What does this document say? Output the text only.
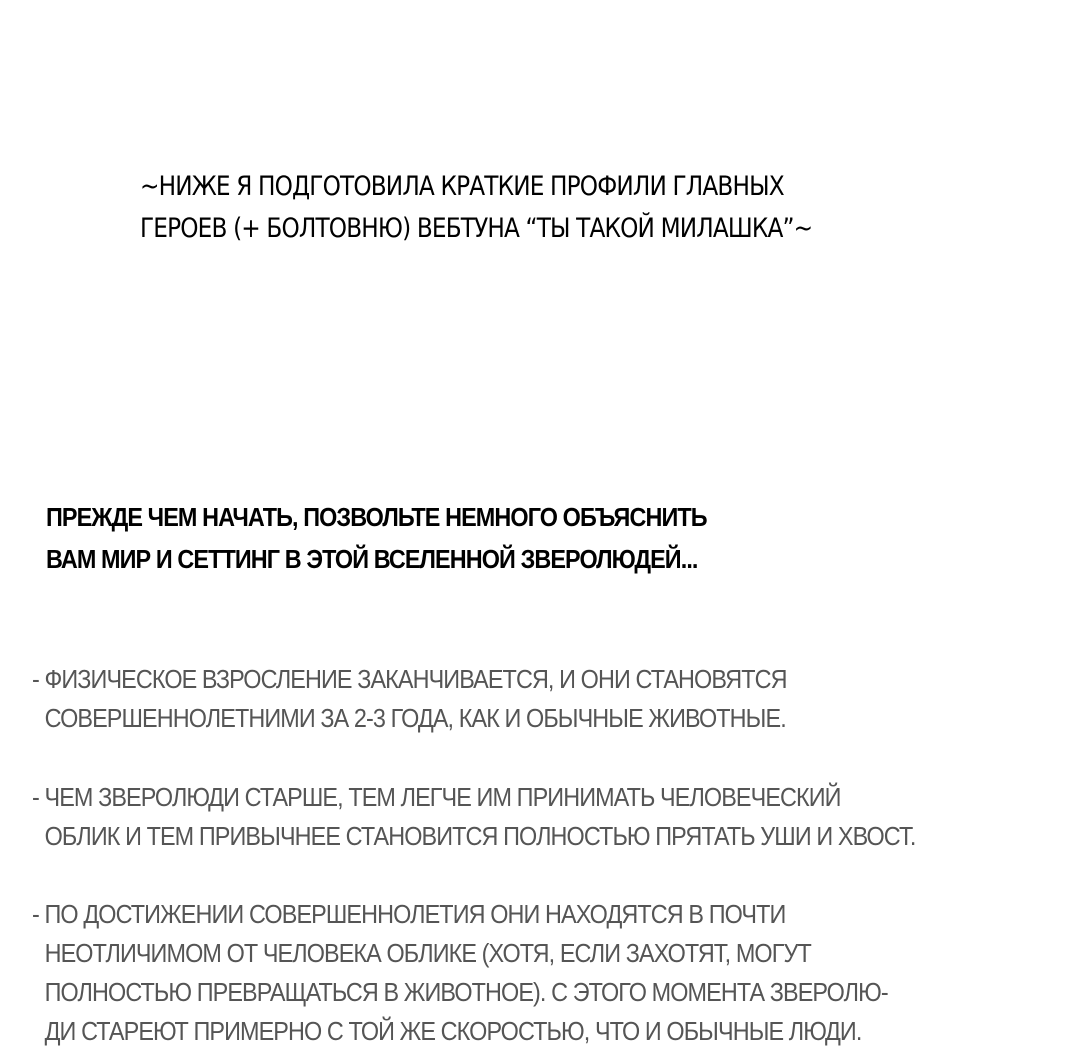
~НИЖЕ Я ПОДГОТОВИЛА КРАТКИЕ ПРОФИЛИ ГЛАВНЫХ

ГЕРОЕВ (+ БОЛТОВНЮ) ВЕБТУНА “ТЫ ТАКОЙ МИЛАШКА”~

ПРЕЖДЕ ЧЕМ НАЧАТЬ, ПОЗВОЛЬТЕ НЕМНОГО ОБЪЯСНИТЬ

ВАМ МИР И СЕТТИНГ В ЭТОЙ ВСЕЛЕННОЙ ЗВЕРОЛЮДЕЙ...

- ФИЗИЧЕСКОЕ ВЗРОСЛЕНИЕ ЗАКАНЧИВАЕТСЯ, И ОНИ СТАНОВЯТСЯ

СОВЕРШЕННОЛЕТНИМИ ЗА 2-3 ГОДА, КАК И ОБЫЧНЫЕ ЖИВОТНЫЕ.

- ЧЕМ ЗВЕРОЛЮДИ СТАРШЕ, ТЕМ ЛЕГЧЕ ИМ ПРИНИМАТЬ ЧЕЛОВЕЧЕСКИЙ

ОБЛИК И ТЕМ ПРИВЫЧНЕЕ СТАНОВИТСЯ ПОЛНОСТЬЮ ПРЯТАТЬ УШИ И ХВОСТ.

- ПО ДОСТИЖЕНИИ СОВЕРШЕННОЛЕТИЯ ОНИ НАХОДЯТСЯ В ПОЧТИ

НЕОТЛИЧИМОМ ОТ ЧЕЛОВЕКА ОБЛИКЕ (ХОТЯ, ЕСЛИ ЗАХОТЯТ, МОГУТ

ПОЛНОСТЬЮ ПРЕВРАЩАТЬСЯ В ЖИВОТНОЕ). С ЭТОГО МОМЕНТА ЗВЕРОЛЮ-

ДИ СТАРЕЮТ ПРИМЕРНО С ТОЙ ЖЕ СКОРОСТЬЮ, ЧТО И ОБЫЧНЫЕ ЛЮДИ.
